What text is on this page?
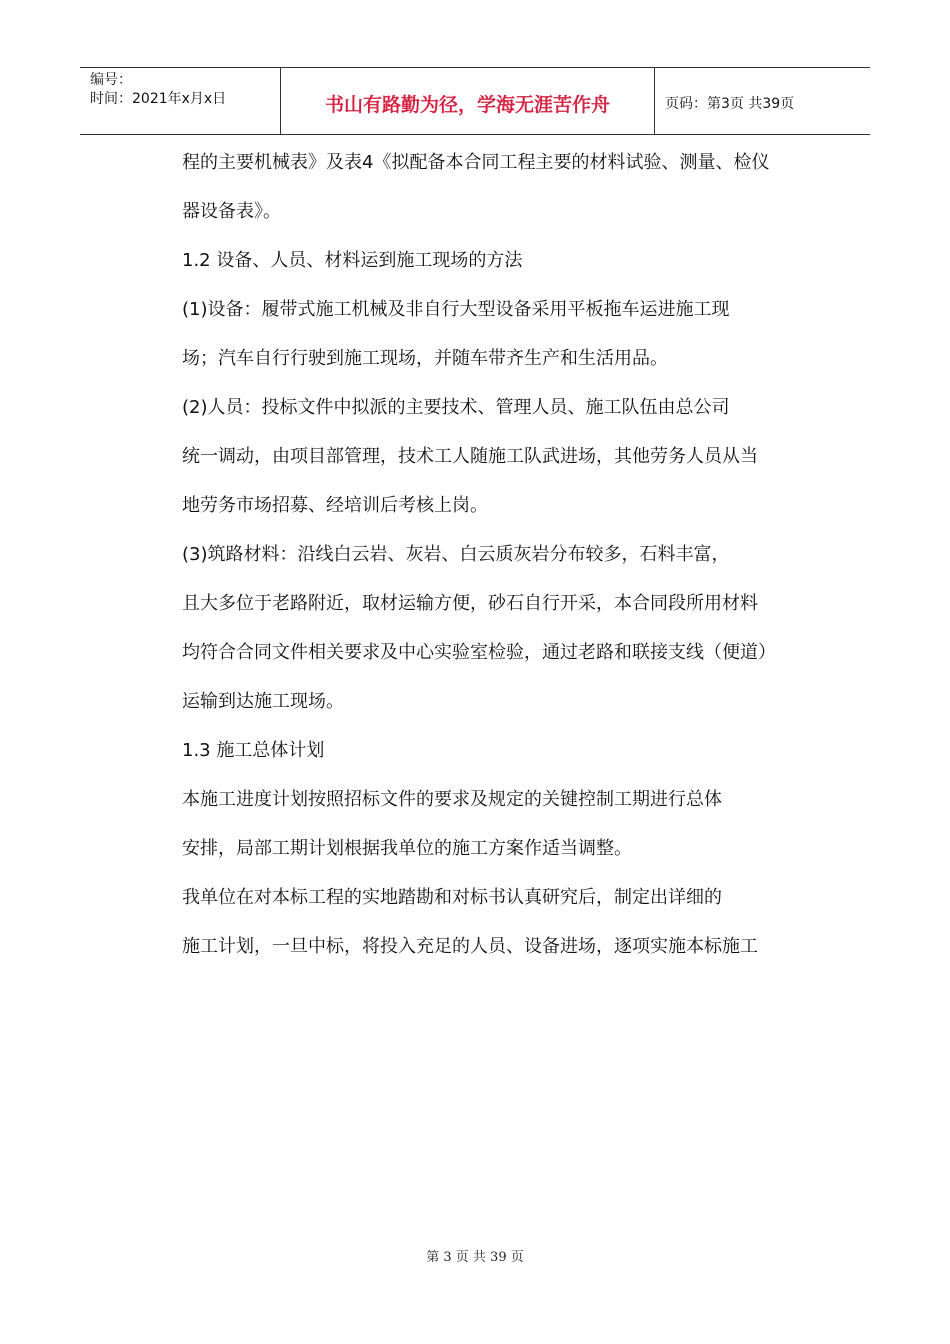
编号：
时间：2021年x月x日	书山有路勤为径，学海无涯苦作舟	页码：第3页 共39页

程的主要机械表》及表4《拟配备本合同工程主要的材料试验、测量、检仪

器设备表》。

1.2 设备、人员、材料运到施工现场的方法

(1)设备：履带式施工机械及非自行大型设备采用平板拖车运进施工现

场；汽车自行行驶到施工现场，并随车带齐生产和生活用品。

(2)人员：投标文件中拟派的主要技术、管理人员、施工队伍由总公司

统一调动，由项目部管理，技术工人随施工队武进场，其他劳务人员从当

地劳务市场招募、经培训后考核上岗。

(3)筑路材料：沿线白云岩、灰岩、白云质灰岩分布较多，石料丰富，

且大多位于老路附近，取材运输方便，砂石自行开采，本合同段所用材料

均符合合同文件相关要求及中心实验室检验，通过老路和联接支线（便道）

运输到达施工现场。

1.3 施工总体计划

本施工进度计划按照招标文件的要求及规定的关键控制工期进行总体

安排，局部工期计划根据我单位的施工方案作适当调整。

我单位在对本标工程的实地踏勘和对标书认真研究后，制定出详细的

施工计划，一旦中标，将投入充足的人员、设备进场，逐项实施本标施工

第 3 页 共 39 页
